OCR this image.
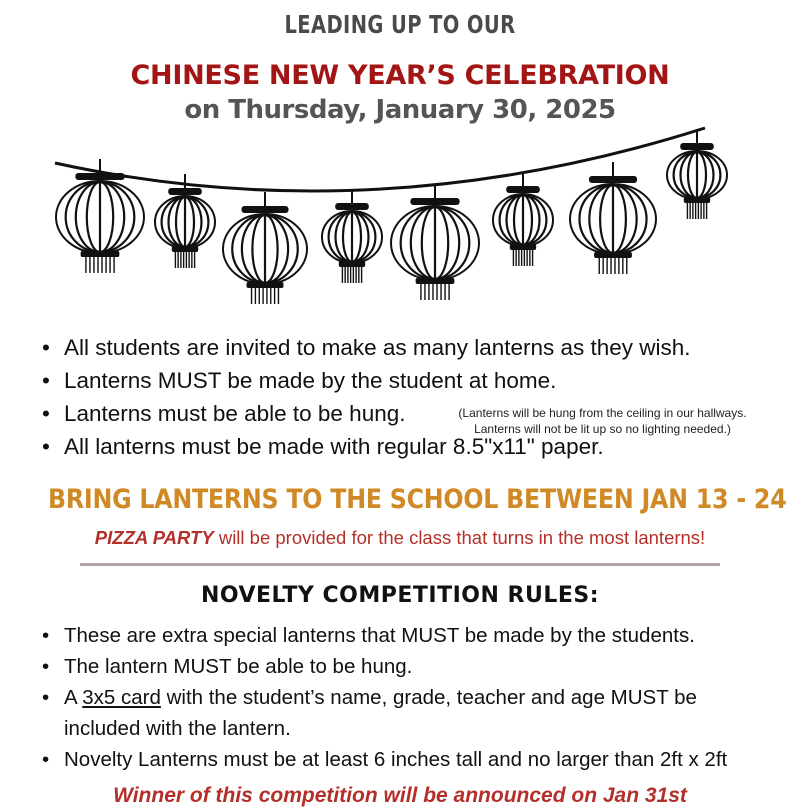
LEADING UP TO OUR
CHINESE NEW YEAR’S CELEBRATION
on Thursday, January 30, 2025
• All students are invited to make as many lanterns as they wish.
• Lanterns MUST be made by the student at home.
• Lanterns must be able to be hung.
• All lanterns must be made with regular 8.5"x11" paper.
(Lanterns will be hung from the ceiling in our hallways.
Lanterns will not be lit up so no lighting needed.)
BRING LANTERNS TO THE SCHOOL BETWEEN JAN 13 - 24
PIZZA PARTY will be provided for the class that turns in the most lanterns!
NOVELTY COMPETITION RULES:
• These are extra special lanterns that MUST be made by the students.
• The lantern MUST be able to be hung.
• A 3x5 card with the student’s name, grade, teacher and age MUST be included with the lantern.
• Novelty Lanterns must be at least 6 inches tall and no larger than 2ft x 2ft
Winner of this competition will be announced on Jan 31st
